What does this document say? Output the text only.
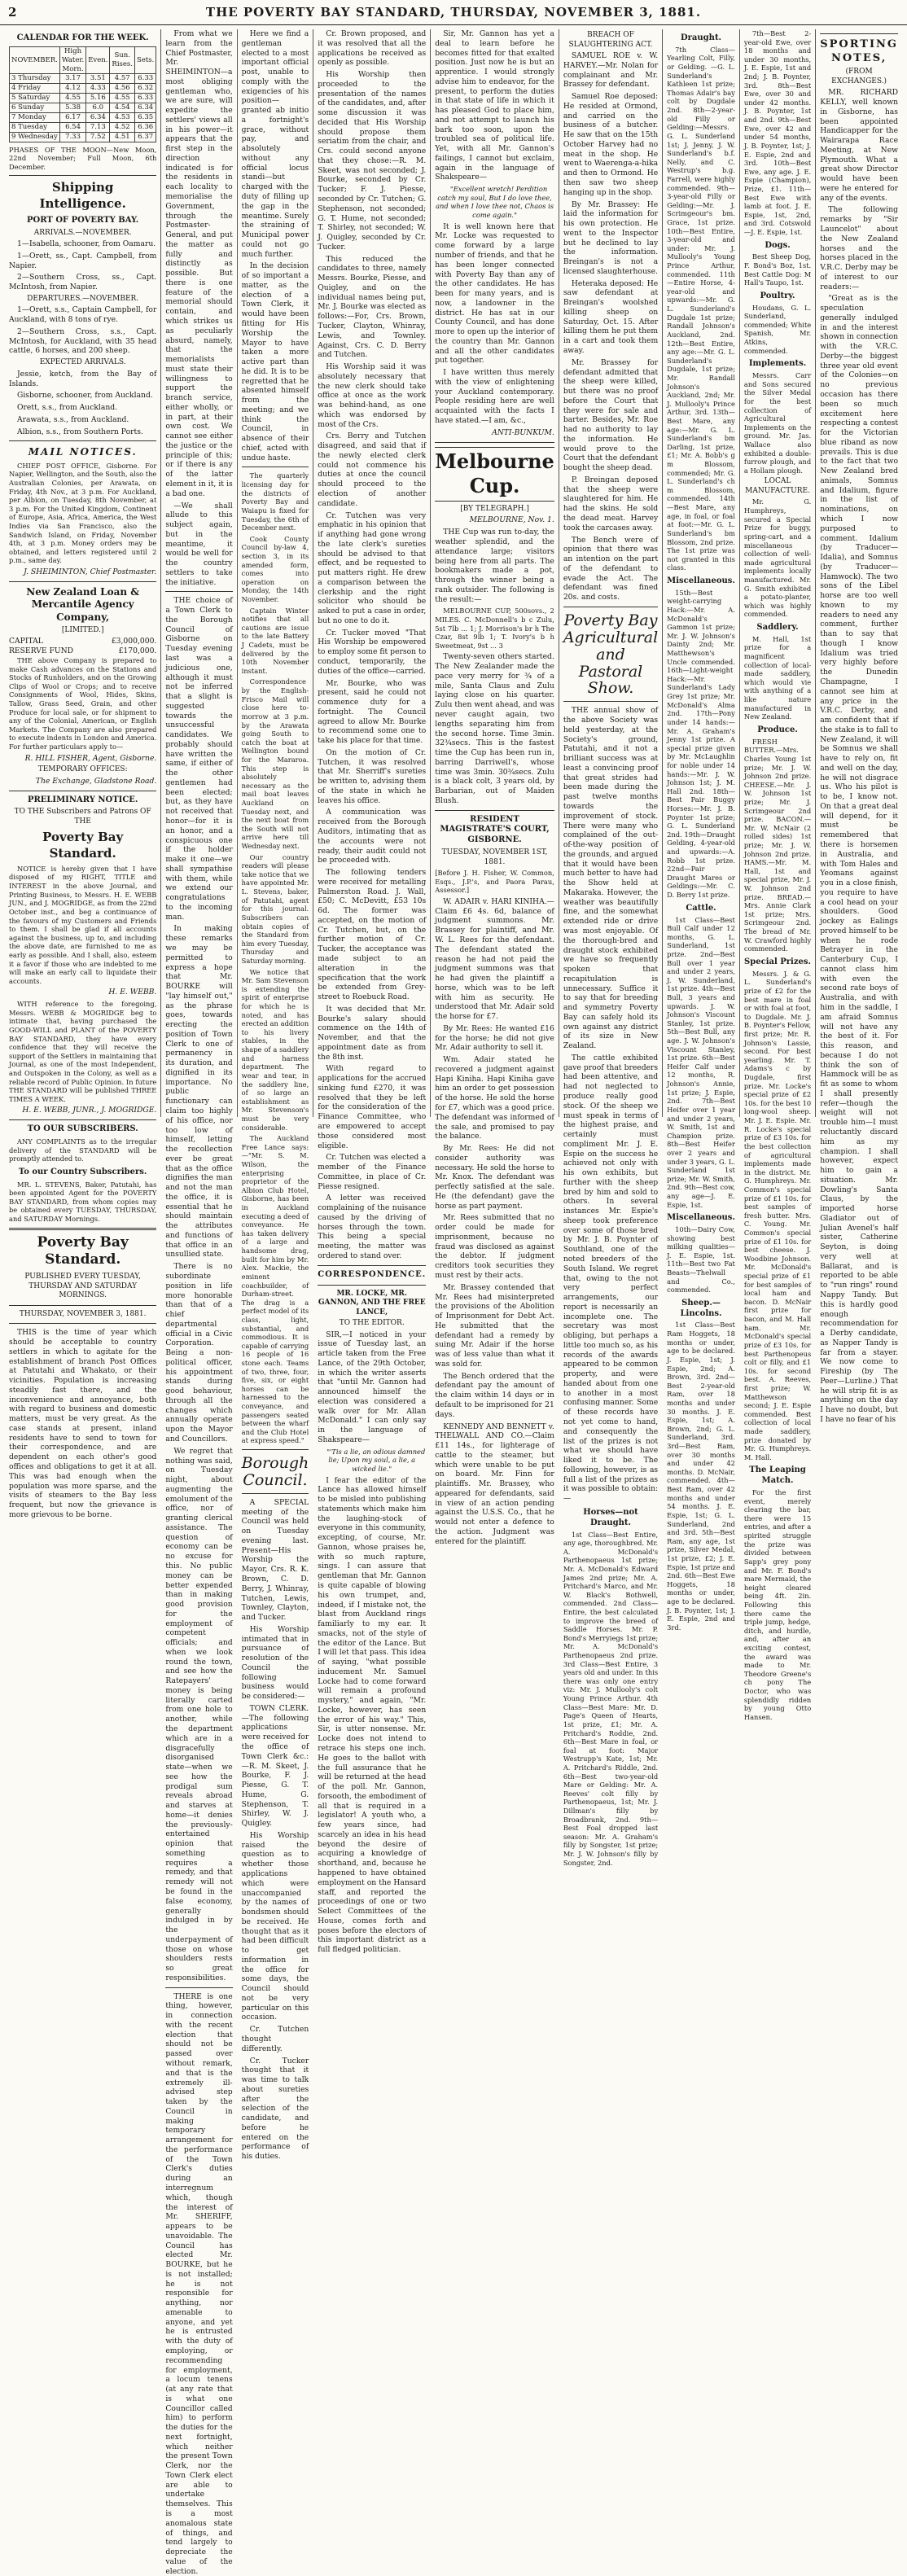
2	THE POVERTY BAY STANDARD, THURSDAY, NOVEMBER 3, 1881.
CALENDAR FOR THE WEEK.
NOVEMBER.	High Water. Morn.	Even.	Sun. Rises.	Sets.
3 Thursday	3.17	3.51	4.57	6.33
4 Friday	4.12	4.33	4.56	6.32
5 Saturday	4.55	5.16	4.55	6.33
6 Sunday	5.38	6.0	4.54	6.34
7 Monday	6.17	6.34	4.53	6.35
8 Tuesday	6.54	7.13	4.52	6.36
9 Wednesday	7.33	7.52	4.51	6.37

PHASES OF THE MOON—New Moon, 22nd November; Full Moon, 6th December.

Shipping Intelligence.
PORT OF POVERTY BAY.
ARRIVALS.—NOVEMBER.

1—Isabella, schooner, from Oamaru.

1—Orett, ss., Capt. Campbell, from Napier.

2—Southern Cross, ss., Capt. McIntosh, from Napier.

DEPARTURES.—NOVEMBER.

1—Orett, s.s., Captain Campbell, for Auckland, with 8 tons of rye.

2—Southern Cross, s.s., Capt. McIntosh, for Auckland, with 35 head cattle, 6 horses, and 200 sheep.

EXPECTED ARRIVALS.

Jessie, ketch, from the Bay of Islands.

Gisborne, schooner, from Auckland.

Orett, s.s., from Auckland.

Arawata, s.s., from Auckland.

Albion, s.s., from Southern Ports.

MAIL NOTICES.

CHIEF POST OFFICE, Gisborne. For Napier, Wellington, and the South, also the Australian Colonies, per Arawata, on Friday, 4th Nov., at 3 p.m. For Auckland, per Albion, on Tuesday, 8th November, at 3 p.m. For the United Kingdom, Continent of Europe, Asia, Africa, America, the West Indies via San Francisco, also the Sandwich Island, on Friday, November 4th, at 3 p.m. Money orders may be obtained, and letters registered until 2 p.m., same day.

J. SHEIMINTON, Chief Postmaster.
New Zealand Loan & Mercantile Agency Company,
[LIMITED.]
CAPITAL	£3,000,000.
RESERVE FUND	£170,000.

THE above Company is prepared to make Cash advances on the Stations and Stocks of Runholders, and on the Growing Clips of Wool or Crops; and to receive Consignments of Wool, Hides, Skins, Tallow, Grass Seed, Grain, and other Produce for local sale, or for shipment to any of the Colonial, American, or English Markets. The Company are also prepared to execute indents in London and America. For further particulars apply to—

R. HILL FISHER, Agent, Gisborne.
TEMPORARY OFFICES:
The Exchange, Gladstone Road.
PRELIMINARY NOTICE.
TO THE Subscribers and Patrons OF THE
Poverty Bay Standard.

NOTICE is hereby given that I have disposed of my RIGHT, TITLE and INTEREST in the above Journal, and Printing Business, to Messrs. H. E. WEBB JUN., and J. MOGRIDGE, as from the 22nd October inst., and beg a continuance of the favours of my Customers and Friends to them. I shall be glad if all accounts against the business, up to, and including the above date, are furnished to me as early as possible. And I shall, also, esteem it a favor if those who are indebted to me will make an early call to liquidate their accounts.

H. E. WEBB.

WITH reference to the foregoing, Messrs. WEBB & MOGRIDGE beg to intimate that, having purchased the GOOD-WILL and PLANT of the POVERTY BAY STANDARD, they have every confidence that they will receive the support of the Settlers in maintaining that Journal, as one of the most Independent, and Outspoken in the Colony, as well as a reliable record of Public Opinion. In future THE STANDARD will be published THREE TIMES A WEEK.

H. E. WEBB, JUNR., J. MOGRIDGE.
TO OUR SUBSCRIBERS.

ANY COMPLAINTS as to the irregular delivery of the STANDARD will be promptly attended to.

To our Country Subscribers.

MR. L. STEVENS, Baker, Patutahi, has been appointed Agent for the POVERTY BAY STANDARD, from whom copies may be obtained every TUESDAY, THURSDAY, and SATURDAY Mornings.

Poverty Bay Standard.
PUBLISHED EVERY TUESDAY, THURSDAY AND SATURDAY MORNINGS.
THURSDAY, NOVEMBER 3, 1881.

THIS is the time of year which should be acceptable to country settlers in which to agitate for the establishment of branch Post Offices at Patutahi and Whakato, or their vicinities. Population is increasing steadily fast there, and the inconvenience and annoyance, both with regard to business and domestic matters, must be very great. As the case stands at present, inland residents have to send to town for their correspondence, and are dependent on each other's good offices and obligations to get it at all. This was bad enough when the population was more sparse, and the visits of steamers to the Bay less frequent, but now the grievance is more grievous to be borne.

From what we learn from the Chief Postmaster, Mr. SHEIMINTON—a most obliging gentleman who, we are sure, will expedite the settlers' views all in his power—it appears that the first step in the direction indicated is for the residents in each locality to memorialise the Government, through the Postmaster-General, and put the matter as fully and distinctly as possible. But there is one feature of the memorial should contain, and which strikes us as peculiarly absurd, namely, that the memorialists must state their willingness to support the branch service, either wholly, or in part, at their own cost. We cannot see either the justice or the principle of this; or if there is any of the latter element in it, it is a bad one.

—We shall allude to this subject again, but in the meantime, it would be well for the country settlers to take the initiative.

THE choice of a Town Clerk to the Borough Council of Gisborne on Tuesday evening last was a judicious one, although it must not be inferred that a slight is suggested towards the unsuccessful candidates. We probably should have written the same, if either of the other gentlemen had been elected; but, as they have not received that honor—for it is an honor, and a conspicuous one if the holder make it one—we shall sympathise with them, while we extend our congratulations to the incoming man.

In making these remarks we may be permitted to express a hope that Mr. BOURKE will "lay himself out," as the phrase goes, towards erecting the position of Town Clerk to one of permanency in its duration, and dignified in its importance. No public functionary can claim too highly of his office, nor too low of himself, letting the recollection ever be great that as the office dignifies the man and not the man the office, it is essential that he should maintain the attributes and functions of that office in an unsullied state.

There is no subordinate position in life more honorable than that of a chief departmental official in a Civic Corporation. Being a non-political officer, his appointment stands during good behaviour, through all the changes which annually operate upon the Mayor and Councillors.

We regret that nothing was said, on Tuesday night, about augmenting the emolument of the office, nor of granting clerical assistance. The question of economy can be no excuse for this. No public money can be better expended than in making good provision for the employment of competent officials; and when we look round the town, and see how the Ratepayers' money is being literally carted from one hole to another, while the department which are in a disgracefully disorganised state—when we see how the prodigal sum reveals abroad and starves at home—it denies the previously-entertained opinion that something requires a remedy, and that remedy will not be found in the false economy, generally indulged in by the underpayment of those on whose shoulders rests so great responsibilities.

THERE is one thing, however, in connection with the recent election that should not be passed over without remark, and that is the extremely ill-advised step taken by the Council in making temporary arrangement for the performance of the Town Clerk's duties during an interregnum which, though the interest of Mr. SHERIFF, appears to be unavoidable. The Council has elected Mr. BOURKE, but he is not installed; he is not responsible for anything, nor amenable to anyone, and yet he is entrusted with the duty of employing, or recommending for employment, a locum tenens (at any rate that is what one Councillor called him) to perform the duties for the next fortnight, which neither the present Town Clerk, nor the Town Clerk elect are able to undertake themselves. This is a most anomalous state of things, and tend largely to depreciate the value of the election.

Here we find a gentleman elected to a most important official post, unable to comply with the exigencies of his position—granted ab initio a fortnight's grace, without pay, and absolutely without any official locus standi—but charged with the duty of filling up the gap in the meantime. Surely the straining of Municipal power could not go much further.

In the decision of so important a matter, as the election of a Town Clerk, it would have been fitting for His Worship the Mayor to have taken a more active part than he did. It is to be regretted that he absented himself from the meeting; and we think the Council, in absence of their chief, acted with undue haste.

The quarterly licensing day for the districts of Poverty Bay and Waiapu is fixed for Tuesday, the 6th of December next.

Cook County Council by-law 4, section 3, in its amended form, comes into operation on Monday, the 14th November.

Captain Winter notifies that all cautions are issue to the late Battery J Cadets, must be delivered by the 10th November instant.

Correspondence by the English-Frisco Mail will close here to-morrow at 3 p.m. by the Arawata going South to catch the boat at Wellington bound for the Mararoa. This step is absolutely necessary as the mail boat leaves Auckland on Tuesday next, and the next boat from the South will not arrive here till Wednesday next.

Our country readers will please take notice that we have appointed Mr. L. Stevens, baker, of Patutahi, agent for this journal. Subscribers can obtain copies of the Standard from him every Tuesday, Thursday and Saturday morning.

We notice that Mr. Sam Stevenson is extending the spirit of enterprise for which he is noted, and has erected an addition to his livery stables, in the shape of a saddlery and harness department. The wear and tear, in the saddlery line, of so large an establishment as Mr. Stevenson's must be very considerable.

The Auckland Free Lance says:—"Mr. S. M. Wilson, the enterprising proprietor of the Albion Club Hotel, Gisborne, has been in Auckland executing a deed of conveyance. He has taken delivery of a large and handsome drag, built for him by Mr. Alex. Mackie, the eminent coachbuilder, of Durham-street. The drag is a perfect model of its class, light, substantial, and commodious. It is capable of carrying 16 people of 16 stone each. Teams of two, three, four, five, six, or eight horses can be harnessed to the conveyance, and passengers seated between the wharf and the Club Hotel at express speed."

Borough Council.

A SPECIAL meeting of the Council was held on Tuesday evening last. Present—His Worship the Mayor, Crs. R. K. Brown, C. D. Berry, J. Whinray, Tutchen, Lewis, Townley, Clayton, and Tucker.

His Worship intimated that in pursuance of resolution of the Council the following business would be considered:—

TOWN CLERK.—The following applications were received for the office of Town Clerk &c.:—R. M. Skeet, J. Bourke, F. J. Piesse, G. T. Hume, G. Stephenson, T. Shirley, W. J. Quigley.

His Worship raised the question as to whether those applications which were unaccompanied by the names of bondsmen should be received. He thought that as it had been difficult to get information in the office for some days, the Council should not be very particular on this occasion.

Cr. Tutchen thought differently.

Cr. Tucker thought that it was time to talk about sureties after the selection of the candidate, and before he entered on the performance of his duties.

Cr. Brown proposed, and it was resolved that all the applications be received as openly as possible.

His Worship then proceeded to the presentation of the names of the candidates, and, after some discussion it was decided that His Worship should propose them seriatim from the chair, and Crs. could second anyone that they chose:—R. M. Skeet, was not seconded; J. Bourke, seconded by Cr. Tucker; F. J. Piesse, seconded by Cr. Tutchen; G. Stephenson, not seconded; G. T. Hume, not seconded; T. Shirley, not seconded; W. J. Quigley, seconded by Cr. Tucker.

This reduced the candidates to three, namely Messrs. Bourke, Piesse, and Quigley, and on the individual names being put, Mr. J. Bourke was elected as follows:—For, Crs. Brown, Tucker, Clayton, Whinray, Lewis, and Townley. Against, Crs. C. D. Berry and Tutchen.

His Worship said it was absolutely necessary that the new clerk should take office at once as the work was behind-hand, as one which was endorsed by most of the Crs.

Crs. Berry and Tutchen disagreed, and said that if the newly elected clerk could not commence his duties at once the council should proceed to the election of another candidate.

Cr. Tutchen was very emphatic in his opinion that if anything had gone wrong the late clerk's sureties should be advised to that effect, and be requested to put matters right. He drew a comparison between the clerkship and the right solicitor who should be asked to put a case in order, but no one to do it.

Cr. Tucker moved "That His Worship be empowered to employ some fit person to conduct, temporarily, the duties of the office—carried.

Mr. Bourke, who was present, said he could not commence duty for a fortnight. The Council agreed to allow Mr. Bourke to recommend some one to take his place for that time.

On the motion of Cr. Tutchen, it was resolved that Mr. Sherriff's sureties be written to, advising them of the state in which he leaves his office.

A communication was received from the Borough Auditors, intimating that as the accounts were not ready, their audit could not be proceeded with.

The following tenders were received for metalling Palmerston Road. J. Wall, £50; C. McDevitt, £53 10s 6d. The former was accepted, on the motion of Cr. Tutchen, but, on the further motion of Cr. Tucker, the acceptance was made subject to an alteration in the specification that the work be extended from Grey-street to Roebuck Road.

It was decided that Mr. Bourke's salary should commence on the 14th of November, and that the appointment date as from the 8th inst.

With regard to applications for the accrued sinking fund £270, it was resolved that they be left for the consideration of the Finance Committee, who are empowered to accept those considered most eligible.

Cr. Tutchen was elected a member of the Finance Committee, in place of Cr. Piesse resigned.

A letter was received complaining of the nuisance caused by the driving of horses through the town. This being a special meeting, the matter was ordered to stand over.

CORRESPONDENCE.
MR. LOCKE, MR. GANNON, AND THE FREE LANCE,
TO THE EDITOR.

SIR,—I noticed in your issue of Tuesday last, an article taken from the Free Lance, of the 29th October, in which the writer asserts that "until Mr. Gannon had announced himself the election was considered a walk over for Mr. Allan McDonald." I can only say in the language of Shakspeare—

"'Tis a lie, an odious damned lie; Upon my soul, a lie, a wicked lie."

I fear the editor of the Lance has allowed himself to be misled into publishing statements which make him the laughing-stock of everyone in this community, excepting, of course, Mr. Gannon, whose praises he, with so much rapture, sings. I can assure that gentleman that Mr. Gannon is quite capable of blowing his own trumpet, and, indeed, if I mistake not, the blast from Auckland rings familiarly to my ear. It smacks, not of the style of the editor of the Lance. But I will let that pass. This idea of saying, "what possible inducement Mr. Samuel Locke had to come forward will remain a profound mystery," and again, "Mr. Locke, however, has seen the error of his way." This, Sir, is utter nonsense. Mr. Locke does not intend to retrace his steps one inch. He goes to the ballot with the full assurance that he will be returned at the head of the poll. Mr. Gannon, forsooth, the embodiment of all that is required in a legislator! A youth who, a few years since, had scarcely an idea in his head beyond the desire of acquiring a knowledge of shorthand, and, because he happened to have obtained employment on the Hansard staff, and reported the proceedings of one or two Select Committees of the House, comes forth and poses before the electors of this important district as a full fledged politician.

Sir, Mr. Gannon has yet a deal to learn before he becomes fitted for that exalted position. Just now he is but an apprentice. I would strongly advise him to endeavor, for the present, to perform the duties in that state of life in which it has pleased God to place him, and not attempt to launch his bark too soon, upon the troubled sea of political life. Yet, with all Mr. Gannon's failings, I cannot but exclaim, again in the language of Shakspeare—

"Excellent wretch! Perdition catch my soul, But I do love thee, and when I love thee not, Chaos is come again."

It is well known here that Mr. Locke was requested to come forward by a large number of friends, and that he has been longer connected with Poverty Bay than any of the other candidates. He has been for many years, and is now, a landowner in the district. He has sat in our County Council, and has done more to open up the interior of the country than Mr. Gannon and all the other candidates put together.

I have written thus merely with the view of enlightening your Auckland contemporary. People residing here are well acquainted with the facts I have stated.—I am, &c.,

ANTI-BUNKUM.
Melbourne Cup.
[BY TELEGRAPH.]
MELBOURNE, Nov. 1.

THE Cup was run to-day, the weather splendid, and the attendance large; visitors being here from all parts. The bookmakers made a pot, through the winner being a rank outsider. The following is the result:—

MELBOURNE CUP, 500sovs., 2 MILES. C. McDonnell's b c Zulu, 5st 7lb ... 1; J. Morrison's br h The Czar, 8st 9lb 1; T. Ivory's b h Sweetmeat, 9st ... 3

Twenty-seven others started. The New Zealander made the pace very merry for ¾ of a mile, Santa Claus and Zulu laying close on his quarter. Zulu then went ahead, and was never caught again, two lengths separating him from the second horse. Time 3min. 32¾secs. This is the fastest time the Cup has been run in, barring Darriwell's, whose time was 3min. 30¾secs. Zulu is a black colt, 3 years old, by Barbarian, out of Maiden Blush.

RESIDENT MAGISTRATE'S COURT, GISBORNE.
TUESDAY, NOVEMBER 1ST, 1881.

[Before J. H. Fisher, W. Common, Esqs., J.P.'s, and Paora Parau, Assessor.]

W. ADAIR v. HARI KINIHA.—Claim £6 4s. 6d, balance of judgment summons. Mr. Brassey for plaintiff, and Mr. W. L. Rees for the defendant. The defendant stated the reason he had not paid the judgment summons was that he had given the plaintiff a horse, which was to be left with him as security. He understood that Mr. Adair sold the horse for £7.

By Mr. Rees: He wanted £16 for the horse; he did not give Mr. Adair authority to sell it.

Wm. Adair stated he recovered a judgment against Hapi Kiniha. Hapi Kiniha gave him an order to get possession of the horse. He sold the horse for £7, which was a good price. The defendant was informed of the sale, and promised to pay the balance.

By Mr. Rees: He did not consider authority was necessary. He sold the horse to Mr. Knox. The defendant was perfectly satisfied at the sale. He (the defendant) gave the horse as part payment.

Mr. Rees submitted that no order could be made for imprisonment, because no fraud was disclosed as against the debtor. If judgment creditors took securities they must rest by their acts.

Mr. Brassey contended that Mr. Rees had misinterpreted the provisions of the Abolition of Imprisonment for Debt Act. He submitted that the defendant had a remedy by suing Mr. Adair if the horse was of less value than what it was sold for.

The Bench ordered that the defendant pay the amount of the claim within 14 days or in default to be imprisoned for 21 days.

KENNEDY AND BENNETT v. THELWALL AND CO.—Claim £11 14s., for lighterage of cattle to the steamer, but which were unable to be put on board. Mr. Finn for plaintiffs. Mr. Brassey, who appeared for defendants, said in view of an action pending against the U.S.S. Co., that he would not enter a defence to the action. Judgment was entered for the plaintiff.

BREACH OF SLAUGHTERING ACT.

SAMUEL ROE v. W. HARVEY.—Mr. Nolan for complainant and Mr. Brassey for defendant.

Samuel Roe deposed: He resided at Ormond, and carried on the business of a butcher. He saw that on the 15th October Harvey had no meat in the shop. He went to Waerenga-a-hika and then to Ormond. He then saw two sheep hanging up in the shop.

By Mr. Brassey: He laid the information for his own protection. He went to the Inspector but he declined to lay the information. Breingan's is not a licensed slaughterhouse.

Heteraka deposed: He saw defendant at Breingan's woolshed killing sheep on Saturday, Oct. 15. After killing them he put them in a cart and took them away.

Mr. Brassey for defendant admitted that the sheep were killed, but there was no proof before the Court that they were for sale and barter. Besides, Mr. Roe had no authority to lay the information. He would prove to the Court that the defendant bought the sheep dead.

P. Breingan deposed that the sheep were slaughtered for him. He had the skins. He sold the dead meat. Harvey took the carcases away.

The Bench were of opinion that there was an intention on the part of the defendant to evade the Act. The defendant was fined 20s. and costs.

Poverty Bay Agricultural and Pastoral Show.

THE annual show of the above Society was held yesterday, at the Society's ground, Patutahi, and it not a brilliant success was at least a convincing proof that great strides had been made during the past twelve months towards the improvement of stock. There were many who complained of the out-of-the-way position of the grounds, and argued that it would have been much better to have had the Show held at Makaraka. However, the weather was beautifully fine, and the somewhat extended ride or drive was most enjoyable. Of the thorough-bred and draught stock exhibited we have so frequently spoken that recapitulation is unnecessary. Suffice it to say that for breeding and symmetry Poverty Bay can safely hold its own against any district of its size in New Zealand.

The cattle exhibited gave proof that breeders had been attentive, and had not neglected to produce really good stock. Of the sheep we must speak in terms of the highest praise, and certainly must compliment Mr. J. E. Espie on the success he achieved not only with his own exhibits, but further with the sheep bred by him and sold to others. In several instances Mr. Espie's sheep took preference over some of those bred by Mr. J. B. Poynter of Southland, one of the noted breeders of the South Island. We regret that, owing to the not very perfect arrangements, our report is necessarily an incomplete one. The secretary was most obliging, but perhaps a little too much so, as his records of the awards appeared to be common property, and were handed about from one to another in a most confusing manner. Some of these records have not yet come to hand, and consequently the list of the prizes is not what we should have liked it to be. The following, however, is as full a list of the prizes as it was possible to obtain:—

Horses—not Draught.

1st Class—Best Entire, any age, thoroughbred. Mr. A. McDonald's Parthenopaeus 1st prize; Mr. A. McDonald's Edward James 2nd prize; Mr. A. Pritchard's Marco, and Mr. W. Black's Bothwell, commended. 2nd Class—Entire, the best calculated to improve the breed of Saddle Horses. Mr. P. Bond's Merryiegs 1st prize; Mr. A. McDonald's Parthenopaeus 2nd prize. 3rd Class—Best Entire, 3 years old and under. In this there was only one entry viz: Mr. J. Mullooly's colt Young Prince Arthur. 4th Class—Best Mare: Mr. D. Page's Queen of Hearts, 1st prize, £1; Mr. A. Pritchard's Roddie, 2nd. 6th—Best Mare in foal, or foal at foot: Major Westrupp's Kate, 1st; Mr. A. Pritchard's Riddle, 2nd. 6th—Best two-year-old Mare or Gelding: Mr. A. Reeves' colt filly by Parthenopaeus, 1st; Mr. J. Dillman's filly by Broadbrank, 2nd. 9th—Best Foal dropped last season: Mr. A. Graham's filly by Songster, 1st prize; Mr. J. W. Johnson's filly by Songster, 2nd.

Draught.

7th Class—Yearling Colt, Filly, or Gelding. —G. L. Sunderland's Kathleen 1st prize; Thomas Adair's bay colt by Dugdale 2nd. 8th—2-year-old Filly or Gelding:—Messrs. G. L. Sunderland 1st; J. Jenny, J. W. Sunderland's b.f. Nelly, and C. Westrup's b.g. Farrell, were highly commended. 9th—3-year-old Filly or Gelding:—Mr. J. Scrimgeour's bm. Grace, 1st prize. 10th—Best Entire, 3-year-old and under: Mr. J. Mullooly's Young Prince Arthur, commended. 11th—Entire Horse, 4-year-old and upwards:—Mr. G. L. Sunderland's Dugdale 1st prize; Randall Johnson's Auckland, 2nd. 12th—Best Entire, any age:—Mr. G. L. Sunderland's Dugdale, 1st prize; Mr. Randall Johnson's Auckland, 2nd; Mr. J. Mullooly's Prince Arthur, 3rd. 13th—Best Mare, any age:—Mr. G. L. Sunderland's bm Darling, 1st prize, £1; Mr. A. Bobb's g m Blossom, commended; Mr. G. L. Sunderland's ch m Blossom, commended. 14th—Best Mare, any age, in foal, or foal at foot:—Mr. G. L. Sunderland's bm Blossom, 2nd prize. The 1st prize was not granted in this class.

Miscellaneous.

15th—Best weight-carrying Hack:—Mr. A. McDonald's Gammon 1st prize; Mr. J. W. Johnson's Dainty 2nd; Mr. Matthewson's Uncle commended. 16th—Light-weight Hack:—Mr. Sunderland's Lady Grey 1st prize; Mr. McDonald's Alma 2nd. 17th—Pony under 14 hands:—Mr. A. Graham's Jenny 1st prize. A special prize given by Mr. McLaughlin for noble under 14 hands:—Mr. J. W. Johnson 1st; J. M. Hall 2nd. 18th—Best Pair Buggy Horses:—Mr. J. B. Poynter 1st prize; G. L. Sunderland 2nd. 19th—Draught Gelding, 4-year-old and upwards:—A. Robb 1st prize. 22nd—Pair Draught Mares or Geldings:—Mr. C. D. Berry 1st prize.

Cattle.

1st Class—Best Bull Calf under 12 months, G. L. Sunderland, 1st prize. 2nd—Best Bull over 1 year and under 2 years, J. W. Sunderland, 1st prize. 4th—Best Bull, 3 years and upwards. J. W. Johnson's Viscount Stanley, 1st prize. 5th—Best Bull, any age. J. W. Johnson's Viscount Stanley, 1st prize. 6th—Best Heifer Calf under 12 months, R. Johnson's Annie, 1st prize; J. Espie, 2nd. 7th—Best Heifer over 1 year and under 2 years, W. Smith, 1st and Champion prize. 8th—Best Heifer over 2 years and under 3 years, G. L. Sunderland 1st prize; Mr. W. Smith, 2nd. 9th—Best cow, any age—J. E. Espie, 1st.

Miscellaneous.

10th—Dairy Cow, showing best milking qualities—J. E. Espie, 1st. 11th—Best two Fat Beasts—Thelwall and Co., commended.

Sheep.—Lincolns.

1st Class—Best Ram Hoggets, 18 months or under, age to be declared. J. Espie, 1st; J. Espie, 2nd; A. Brown, 3rd. 2nd—Best 2-year-old Ram, over 18 months and under 30 months. J. E. Espie, 1st; A. Brown, 2nd; G. L. Sunderland, 3rd. 3rd—Best Ram, over 30 months and under 42 months. D. McNair, commended. 4th—Best Ram, over 42 months and under 54 months. J. E. Espie, 1st; G. L. Sunderland, 2nd and 3rd. 5th—Best Ram, any age, 1st prize, Silver Medal, 1st prize, £2; J. E. Espie, 1st prize and 2nd. 6th—Best Ewe Hoggets, 18 months or under, age to be declared. J. B. Poynter, 1st; J. E. Espie, 2nd and 3rd.

7th—Best 2-year-old Ewe, over 18 months and under 30 months, J. E. Espie, 1st and 2nd; J. B. Poynter, 3rd. 8th—Best Ewe, over 30 and under 42 months. J. B. Poynter, 1st and 2nd. 9th—Best Ewe, over 42 and under 54 months, J. B. Poynter, 1st; J. E. Espie, 2nd and 3rd. 10th—Best Ewe, any age. J. E. Espie (Champion), Prize, £1. 11th—Best Ewe with lamb at foot. J. E. Espie, 1st, 2nd, and 3rd. Cotswold—J. E. Espie, 1st.

Dogs.

Best Sheep Dog, F. Bond's Boz, 1st. Best Cattle Dog: M Hall's Taupo, 1st.

Poultry.

Houdans, G. L. Sunderland, commended; White Spanish, Mr. Atkins, commended.

Implements.

Messrs. Carr and Sons secured the Silver Medal for the best collection of Agricultural Implements on the ground. Mr. Jas. Wallace also exhibited a double-furrow plough, and a Hollam plough.

LOCAL MANUFACTURE.

Mr. G. Humphreys, secured a Special Prize for buggy, spring-cart, and a miscellaneous collection of well-made agricultural implements locally manufactured. Mr. G. Smith exhibited a potato-planter, which was highly commended.

Saddlery.

M. Hall, 1st prize for a magnificent collection of local-made saddlery, which would vie with anything of a like nature manufactured in New Zealand.

Produce.

FRESH BUTTER.—Mrs. Charles Young 1st prize; Mr. J. W. Johnson 2nd prize. CHEESE.—Mr. J. W. Johnson 1st prize; Mr. J. Scrimgeour 2nd prize. BACON.—Mr. W. McNair (2 rolled sides) 1st prize; Mr. J. W. Johnson 2nd prize. HAMS.—Mr. M. Hall, 1st and special prize, Mr. J. W. Johnson 2nd prize. BREAD.—Mrs. Annie Clark 1st prize; Mrs. Scrimgeour 2nd. The bread of Mr. W. Crawford highly commended.

Special Prizes.

Messrs. J. & G. L. Sunderland's prize of £2 for the best mare in foal or with foal at foot, to Dugdale. Mr. J. B. Poynter's Fellow, first prize; Mr. R. Johnson's Lassie, second. For best yearling. Mr. T. Adams's c by Dugdale, first prize. Mr. Locke's special prize of £2 10s. for the best 10 long-wool sheep. Mr. J. E. Espie. Mr. R. Locke's special prize of £3 10s. for the best collection of agricultural implements made in the district. Mr. G. Humphreys. Mr. Common's special prize of £1 10s. for best samples of fresh butter. Mrs. C. Young. Mr. Common's special prize of £1 10s. for best cheese. J. Woodbine Johnson. Mr. McDonald's special prize of £1 for best samples of local ham and bacon. D. McNair first prize for bacon, and M. Hall ham. Mr. McDonald's special prize of £3 10s. for best Parthenopeus colt or filly, and £1 10s. for second best. A. Reeves, first prize; W. Matthewson second; J. E. Espie commended. Best collection of local made saddlery, prize donated by Mr. G. Humphreys. M. Hall.

The Leaping Match.

For the first event, merely clearing the bar, there were 15 entries, and after a spirited struggle the prize was divided between Sapp's grey pony and Mr. F. Bond's mare Mermaid, the height cleared being 4ft. 2in. Following this there came the triple jump, hedge, ditch, and hurdle, and, after an exciting contest, the award was made to Mr. Theodore Greene's ch pony The Doctor, who was splendidly ridden by young Otto Hansen.

SPORTING NOTES,
(FROM EXCHANGES.)

MR. RICHARD KELLY, well known in Gisborne, has been appointed Handicapper for the Wairarapa Race Meeting, at New Plymouth. What a great show Director would have been were he entered for any of the events.

The following remarks by "Sir Launcelot" about the New Zealand horses and the horses placed in the V.R.C. Derby may be of interest to our readers:—

"Great as is the speculation generally indulged in and the interest shown in connection with the V.R.C. Derby—the biggest three year old event of the Colonies—on no previous occasion has there been so much excitement here respecting a contest for the Victorian blue riband as now prevails. This is due to the fact that two New Zealand bred animals, Somnus and Idalium, figure in the list of nominations, on which I now purposed to comment. Idalium (by Traducer—Idalia), and Somnus (by Traducer—Hamwock). The two sons of the Libel horse are too well known to my readers to need any comment, further than to say that though I know Idalium was tried very highly before the Dunedin Champagne, I cannot see him at any price in the V.R.C. Derby, and am confident that if the stake is to fall to New Zealand, it will be Somnus we shall have to rely on, fit and well on the day, he will not disgrace us. Who his pilot is to be, I know not. On that a great deal will depend, for it must be remembered that there is horsemen in Australia, and with Tom Hales and Yeomans against you in a close finish, you require to have a cool head on your shoulders. Good jockey as Ealings proved himself to be when he rode Betrayer in the Canterbury Cup, I cannot class him with even the second rate boys of Australia, and with him in the saddle, I am afraid Somnus will not have any the best of it. For this reason, and because I do not think the son of Hammock will be as fit as some to whom I shall presently refer—though the weight will not trouble him—I must reluctantly discard him as my champion. I shall however, expect him to gain a situation. Mr. Dowling's Santa Claus, by the imported horse Gladiator out of Julian Avenel's half sister, Catherine Seyton, is doing very well at Ballarat, and is reported to be able to "run rings" round Nappy Tandy. But this is hardly good enough recommendation for a Derby candidate, as Napper Tandy is far from a stayer. We now come to Fireship (by The Peer—Lurline.) That he will strip fit is as anything on the day I have no doubt, but I have no fear of his
